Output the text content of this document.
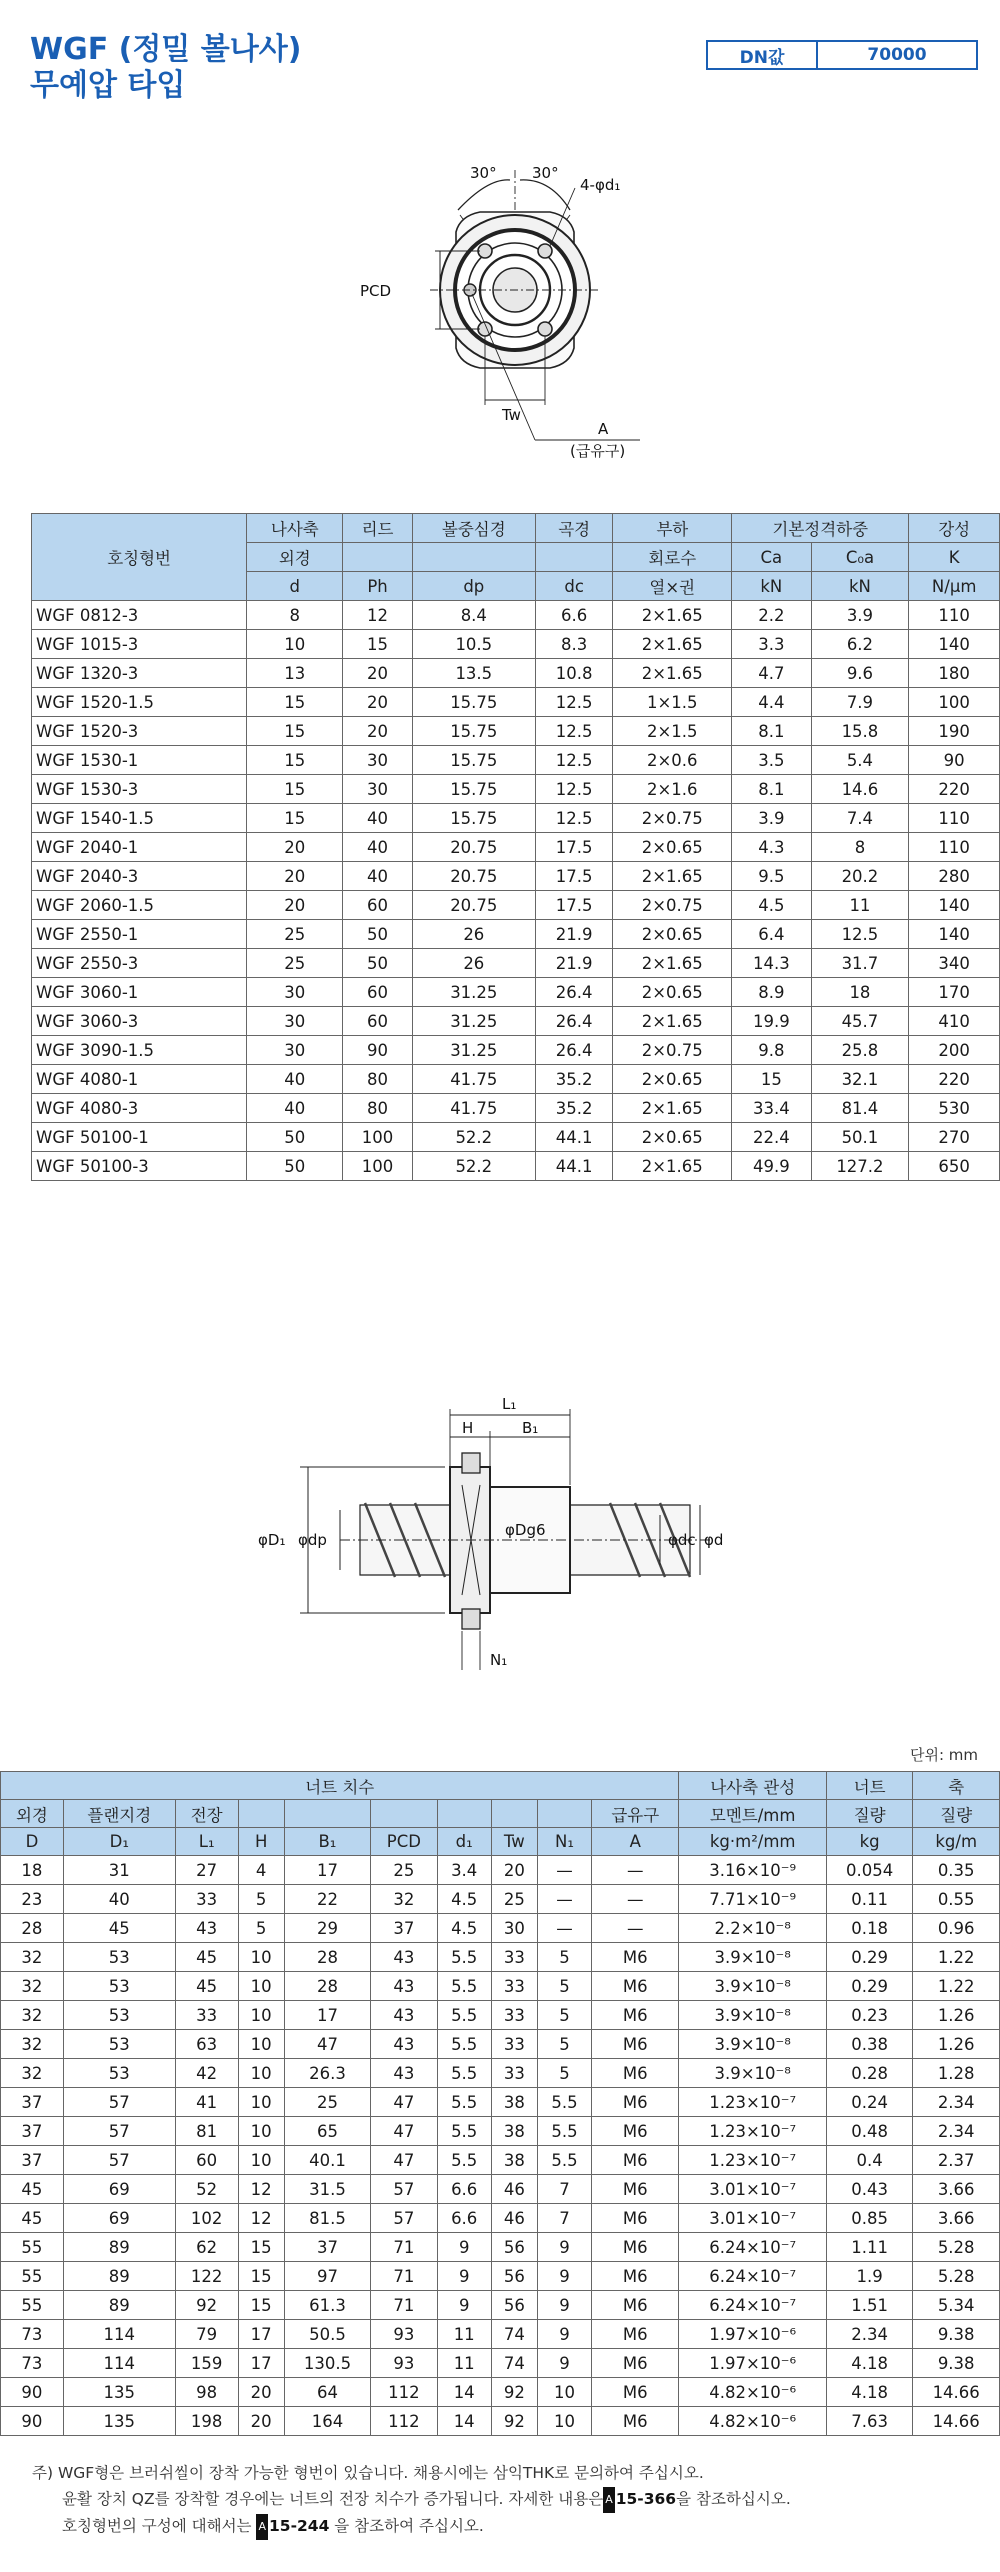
WGF (정밀 볼나사)
무예압 타입
DN값	70000
30° 30°
4-φd₁
PCD
Tw
A
(급유구)
호칭형번	나사축	리드	볼중심경	곡경	부하	기본정격하중		강성
	외경				회로수	Ca	C₀a	K
	d	Ph	dp	dc	열×권	kN	kN	N/μm
WGF 0812-3	8	12	8.4	6.6	2×1.65	2.2	3.9	110
WGF 1015-3	10	15	10.5	8.3	2×1.65	3.3	6.2	140
WGF 1320-3	13	20	13.5	10.8	2×1.65	4.7	9.6	180
WGF 1520-1.5	15	20	15.75	12.5	1×1.5	4.4	7.9	100
WGF 1520-3	15	20	15.75	12.5	2×1.5	8.1	15.8	190
WGF 1530-1	15	30	15.75	12.5	2×0.6	3.5	5.4	90
WGF 1530-3	15	30	15.75	12.5	2×1.6	8.1	14.6	220
WGF 1540-1.5	15	40	15.75	12.5	2×0.75	3.9	7.4	110
WGF 2040-1	20	40	20.75	17.5	2×0.65	4.3	8	110
WGF 2040-3	20	40	20.75	17.5	2×1.65	9.5	20.2	280
WGF 2060-1.5	20	60	20.75	17.5	2×0.75	4.5	11	140
WGF 2550-1	25	50	26	21.9	2×0.65	6.4	12.5	140
WGF 2550-3	25	50	26	21.9	2×1.65	14.3	31.7	340
WGF 3060-1	30	60	31.25	26.4	2×0.65	8.9	18	170
WGF 3060-3	30	60	31.25	26.4	2×1.65	19.9	45.7	410
WGF 3090-1.5	30	90	31.25	26.4	2×0.75	9.8	25.8	200
WGF 4080-1	40	80	41.75	35.2	2×0.65	15	32.1	220
WGF 4080-3	40	80	41.75	35.2	2×1.65	33.4	81.4	530
WGF 50100-1	50	100	52.2	44.1	2×0.65	22.4	50.1	270
WGF 50100-3	50	100	52.2	44.1	2×1.65	49.9	127.2	650
L₁
H	B₁
φD₁ φdp
φDg6
φdc φd
N₁
단위: mm
너트 치수										나사축 관성	너트	축
외경	플랜지경	전장							급유구	모멘트/mm	질량	질량
D	D₁	L₁	H	B₁	PCD	d₁	Tw	N₁	A	kg·m²/mm	kg	kg/m
18	31	27	4	17	25	3.4	20	—	—	3.16×10⁻⁹	0.054	0.35
23	40	33	5	22	32	4.5	25	—	—	7.71×10⁻⁹	0.11	0.55
28	45	43	5	29	37	4.5	30	—	—	2.2×10⁻⁸	0.18	0.96
32	53	45	10	28	43	5.5	33	5	M6	3.9×10⁻⁸	0.29	1.22
32	53	45	10	28	43	5.5	33	5	M6	3.9×10⁻⁸	0.29	1.22
32	53	33	10	17	43	5.5	33	5	M6	3.9×10⁻⁸	0.23	1.26
32	53	63	10	47	43	5.5	33	5	M6	3.9×10⁻⁸	0.38	1.26
32	53	42	10	26.3	43	5.5	33	5	M6	3.9×10⁻⁸	0.28	1.28
37	57	41	10	25	47	5.5	38	5.5	M6	1.23×10⁻⁷	0.24	2.34
37	57	81	10	65	47	5.5	38	5.5	M6	1.23×10⁻⁷	0.48	2.34
37	57	60	10	40.1	47	5.5	38	5.5	M6	1.23×10⁻⁷	0.4	2.37
45	69	52	12	31.5	57	6.6	46	7	M6	3.01×10⁻⁷	0.43	3.66
45	69	102	12	81.5	57	6.6	46	7	M6	3.01×10⁻⁷	0.85	3.66
55	89	62	15	37	71	9	56	9	M6	6.24×10⁻⁷	1.11	5.28
55	89	122	15	97	71	9	56	9	M6	6.24×10⁻⁷	1.9	5.28
55	89	92	15	61.3	71	9	56	9	M6	6.24×10⁻⁷	1.51	5.34
73	114	79	17	50.5	93	11	74	9	M6	1.97×10⁻⁶	2.34	9.38
73	114	159	17	130.5	93	11	74	9	M6	1.97×10⁻⁶	4.18	9.38
90	135	98	20	64	112	14	92	10	M6	4.82×10⁻⁶	4.18	14.66
90	135	198	20	164	112	14	92	10	M6	4.82×10⁻⁶	7.63	14.66
주) WGF형은 브러쉬씰이 장착 가능한 형번이 있습니다. 채용시에는 삼익THK로 문의하여 주십시오.
윤활 장치 QZ를 장착할 경우에는 너트의 전장 치수가 증가됩니다. 자세한 내용은 A 15-366을 참조하십시오.
호칭형번의 구성에 대해서는 A 15-244 을 참조하여 주십시오.
